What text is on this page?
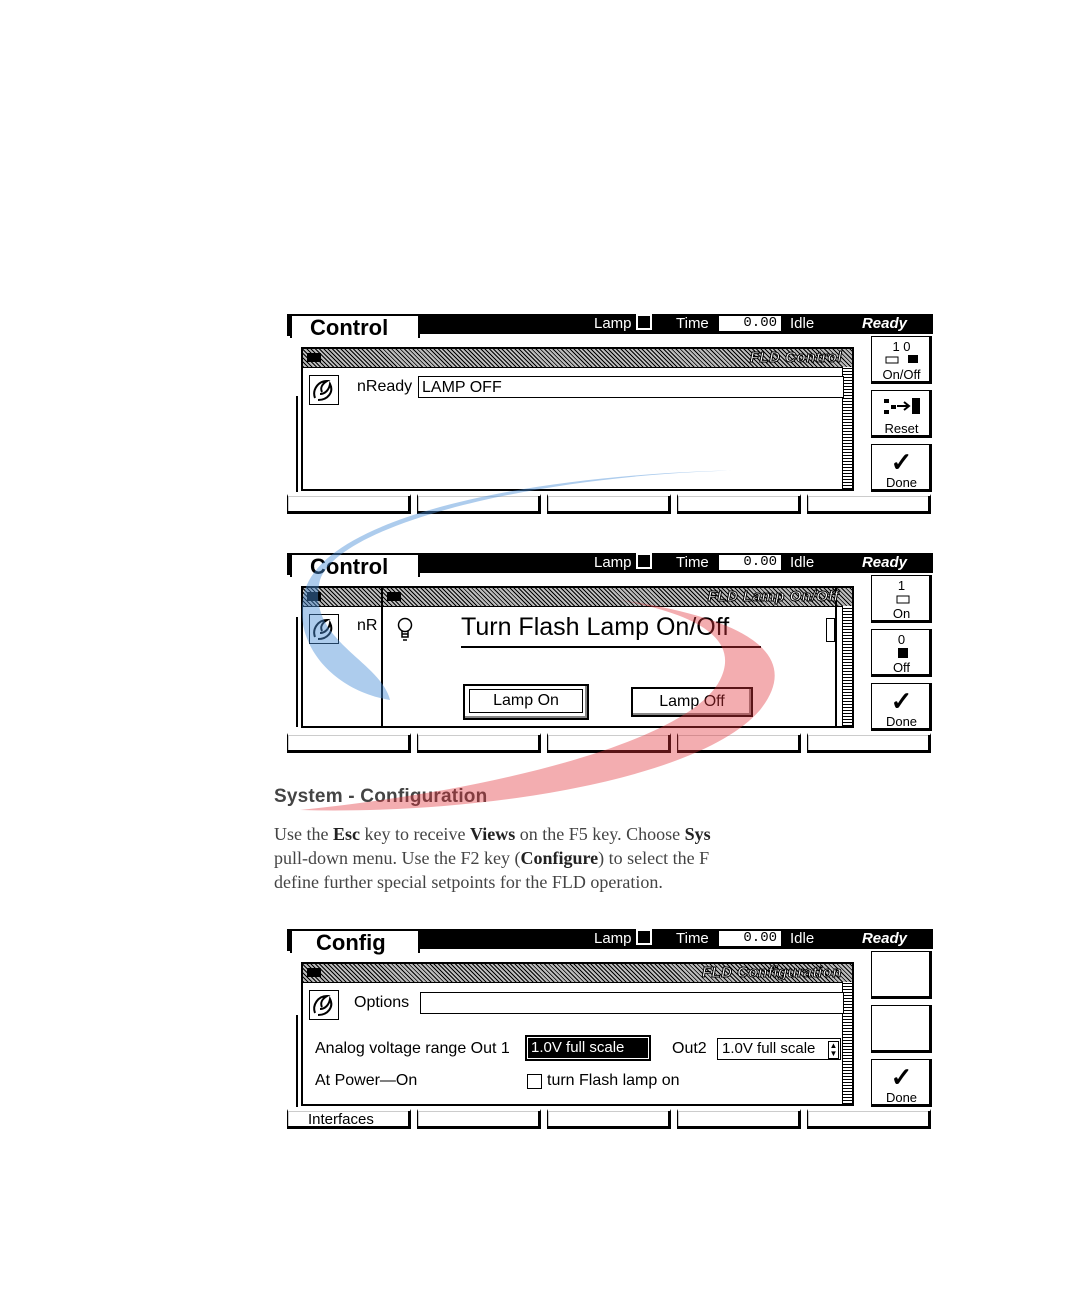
Control	Lamp	Time	0.00 Idle	Ready
FLD Control
nReady LAMP OFF
1 0
On/Off
Reset
✓
Done
Control	Lamp	Time	0.00 Idle	Ready
nR
FLD Lamp On/Off
Turn Flash Lamp On/Off
Lamp On	Lamp Off
1
On
0
Off
✓
Done
System - Configuration
Use the Esc key to receive Views on the F5 key. Choose Sys
pull-down menu. Use the F2 key (Configure) to select the F
define further special setpoints for the FLD operation.
Config	Lamp	Time	0.00 Idle	Ready
FLD Configuration
Options
Analog voltage range Out 1 1.0V full scale	▲
▼ Out2	1.0V full scale ▲
▼
At Power—On	turn Flash lamp on	✓
Done
Interfaces
